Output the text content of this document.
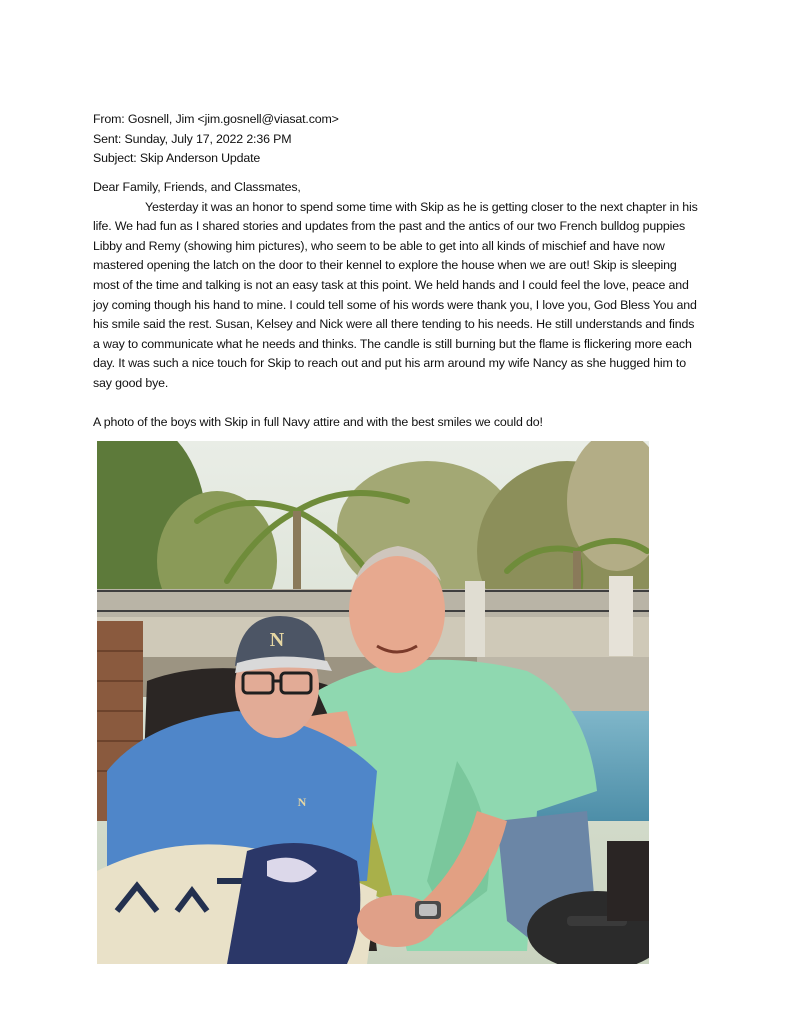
From: Gosnell, Jim <jim.gosnell@viasat.com>
Sent: Sunday, July 17, 2022 2:36 PM
Subject: Skip Anderson Update
Dear Family, Friends, and Classmates,

Yesterday it was an honor to spend some time with Skip as he is getting closer to the next chapter in his life. We had fun as I shared stories and updates from the past and the antics of our two French bulldog puppies Libby and Remy (showing him pictures), who seem to be able to get into all kinds of mischief and have now mastered opening the latch on the door to their kennel to explore the house when we are out! Skip is sleeping most of the time and talking is not an easy task at this point. We held hands and I could feel the love, peace and joy coming though his hand to mine. I could tell some of his words were thank you, I love you, God Bless You and his smile said the rest. Susan, Kelsey and Nick were all there tending to his needs. He still understands and finds a way to communicate what he needs and thinks. The candle is still burning but the flame is flickering more each day. It was such a nice touch for Skip to reach out and put his arm around my wife Nancy as she hugged him to say good bye.

A photo of the boys with Skip in full Navy attire and with the best smiles we could do!
N
N
